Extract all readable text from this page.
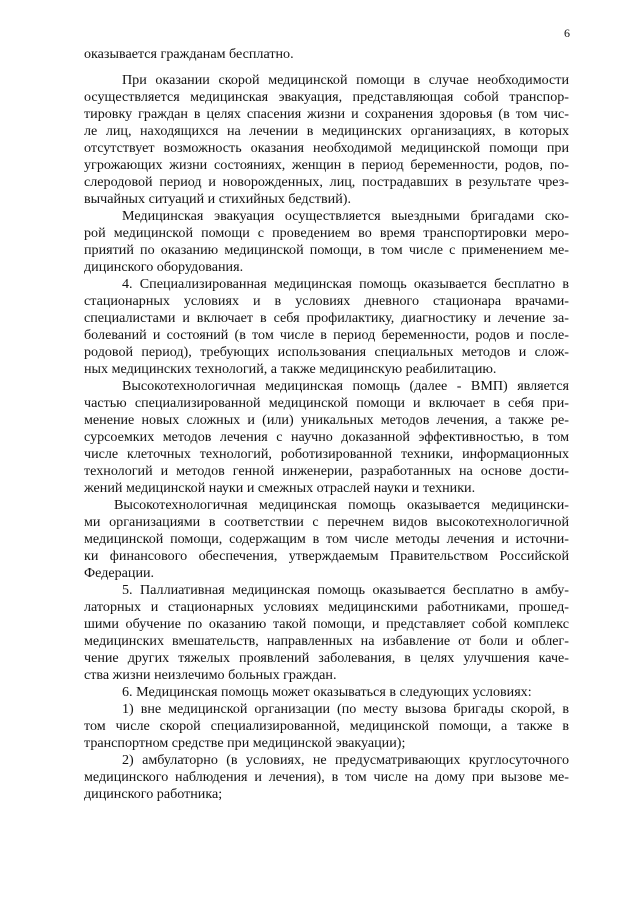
6
оказывается гражданам бесплатно.
При оказании скорой медицинской помощи в случае необходимости
осуществляется медицинская эвакуация, представляющая собой транспор-
тировку граждан в целях спасения жизни и сохранения здоровья (в том чис-
ле лиц, находящихся на лечении в медицинских организациях, в которых
отсутствует возможность оказания необходимой медицинской помощи при
угрожающих жизни состояниях, женщин в период беременности, родов, по-
слеродовой период и новорожденных, лиц, пострадавших в результате чрез-
вычайных ситуаций и стихийных бедствий).
Медицинская эвакуация осуществляется выездными бригадами ско-
рой медицинской помощи с проведением во время транспортировки меро-
приятий по оказанию медицинской помощи, в том числе с применением ме-
дицинского оборудования.
4. Специализированная медицинская помощь оказывается бесплатно в
стационарных условиях и в условиях дневного стационара врачами-
специалистами и включает в себя профилактику, диагностику и лечение за-
болеваний и состояний (в том числе в период беременности, родов и после-
родовой период), требующих использования специальных методов и слож-
ных медицинских технологий, а также медицинскую реабилитацию.
Высокотехнологичная медицинская помощь (далее - ВМП) является
частью специализированной медицинской помощи и включает в себя при-
менение новых сложных и (или) уникальных методов лечения, а также ре-
сурсоемких методов лечения с научно доказанной эффективностью, в том
числе клеточных технологий, роботизированной техники, информационных
технологий и методов генной инженерии, разработанных на основе дости-
жений медицинской науки и смежных отраслей науки и техники.
Высокотехнологичная медицинская помощь оказывается медицински-
ми организациями в соответствии с перечнем видов высокотехнологичной
медицинской помощи, содержащим в том числе методы лечения и источни-
ки финансового обеспечения, утверждаемым Правительством Российской
Федерации.
5. Паллиативная медицинская помощь оказывается бесплатно в амбу-
латорных и стационарных условиях медицинскими работниками, прошед-
шими обучение по оказанию такой помощи, и представляет собой комплекс
медицинских вмешательств, направленных на избавление от боли и облег-
чение других тяжелых проявлений заболевания, в целях улучшения каче-
ства жизни неизлечимо больных граждан.
6. Медицинская помощь может оказываться в следующих условиях:
1) вне медицинской организации (по месту вызова бригады скорой, в
том числе скорой специализированной, медицинской помощи, а также в
транспортном средстве при медицинской эвакуации);
2) амбулаторно (в условиях, не предусматривающих круглосуточного
медицинского наблюдения и лечения), в том числе на дому при вызове ме-
дицинского работника;
